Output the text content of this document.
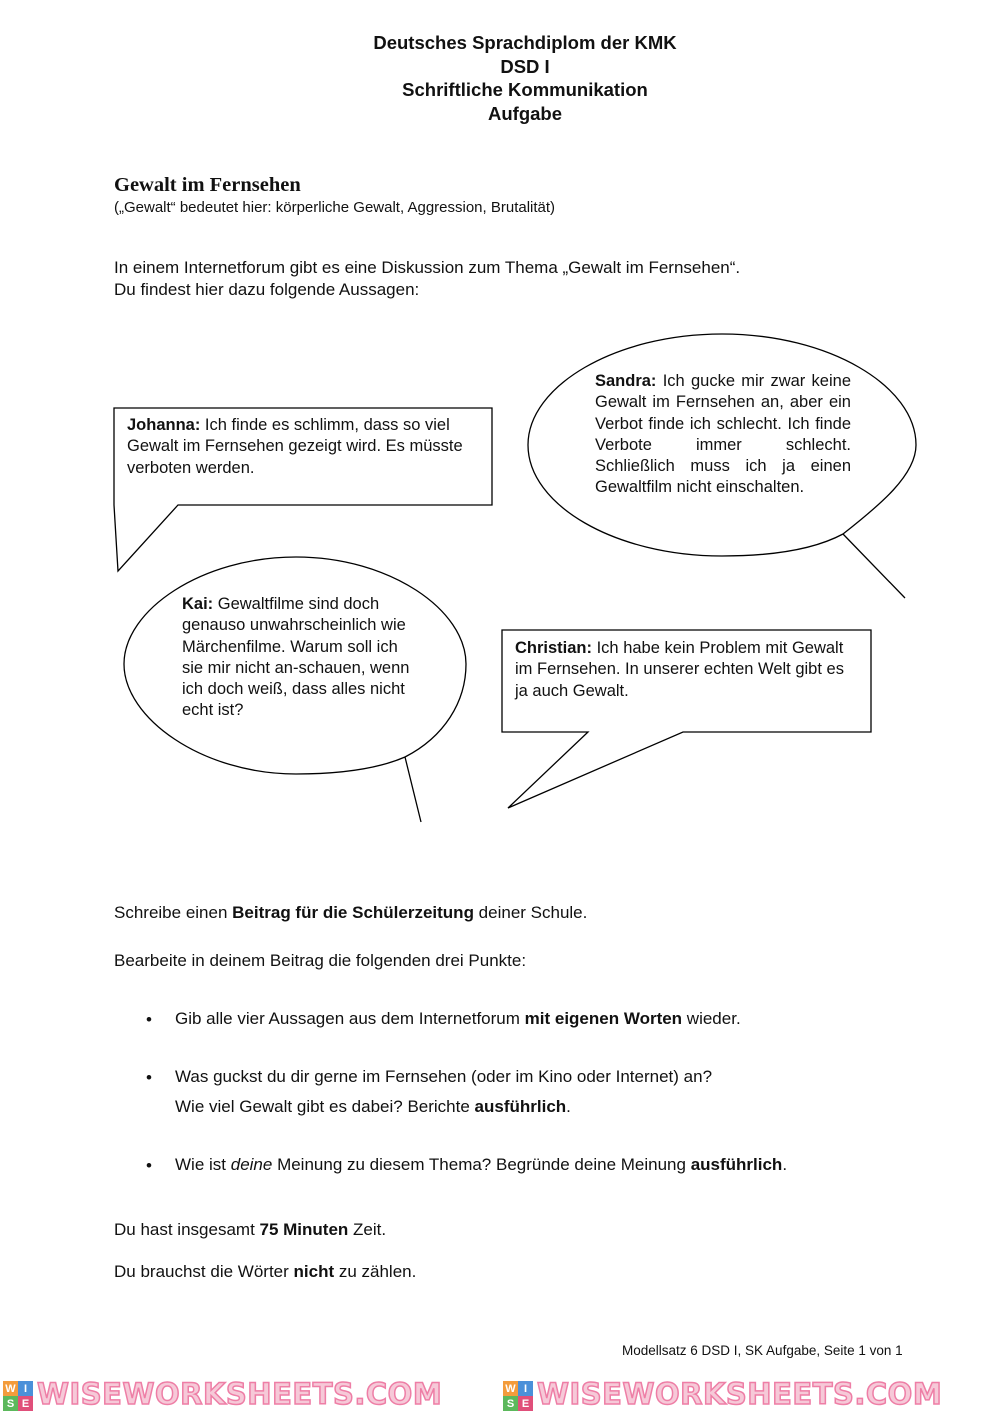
Deutsches Sprachdiplom der KMK
DSD I
Schriftliche Kommunikation
Aufgabe
Gewalt im Fernsehen
(„Gewalt“ bedeutet hier: körperliche Gewalt, Aggression, Brutalität)
In einem Internetforum gibt es eine Diskussion zum Thema „Gewalt im Fernsehen“.
Du findest hier dazu folgende Aussagen:
Johanna: Ich finde es schlimm, dass so viel Gewalt im Fernsehen gezeigt wird. Es müsste verboten werden.
Sandra: Ich gucke mir zwar keine Gewalt im Fernsehen an, aber ein Verbot finde ich schlecht. Ich finde Verbote immer schlecht. Schließlich muss ich ja einen Gewaltfilm nicht einschalten.
Kai: Gewaltfilme sind doch genauso unwahrscheinlich wie Märchenfilme. Warum soll ich sie mir nicht an-schauen, wenn ich doch weiß, dass alles nicht echt ist?
Christian: Ich habe kein Problem mit Gewalt im Fernsehen. In unserer echten Welt gibt es ja auch Gewalt.
Schreibe einen Beitrag für die Schülerzeitung deiner Schule.
Bearbeite in deinem Beitrag die folgenden drei Punkte:
• Gib alle vier Aussagen aus dem Internetforum mit eigenen Worten wieder.
• Was guckst du dir gerne im Fernsehen (oder im Kino oder Internet) an?
Wie viel Gewalt gibt es dabei? Berichte ausführlich.
• Wie ist deine Meinung zu diesem Thema? Begründe deine Meinung ausführlich.
Du hast insgesamt 75 Minuten Zeit.
Du brauchst die Wörter nicht zu zählen.
Modellsatz 6 DSD I, SK Aufgabe, Seite 1 von 1
W I
S E WISEWORKSHEETS.COM	W I
S E WISEWORKSHEETS.COM
